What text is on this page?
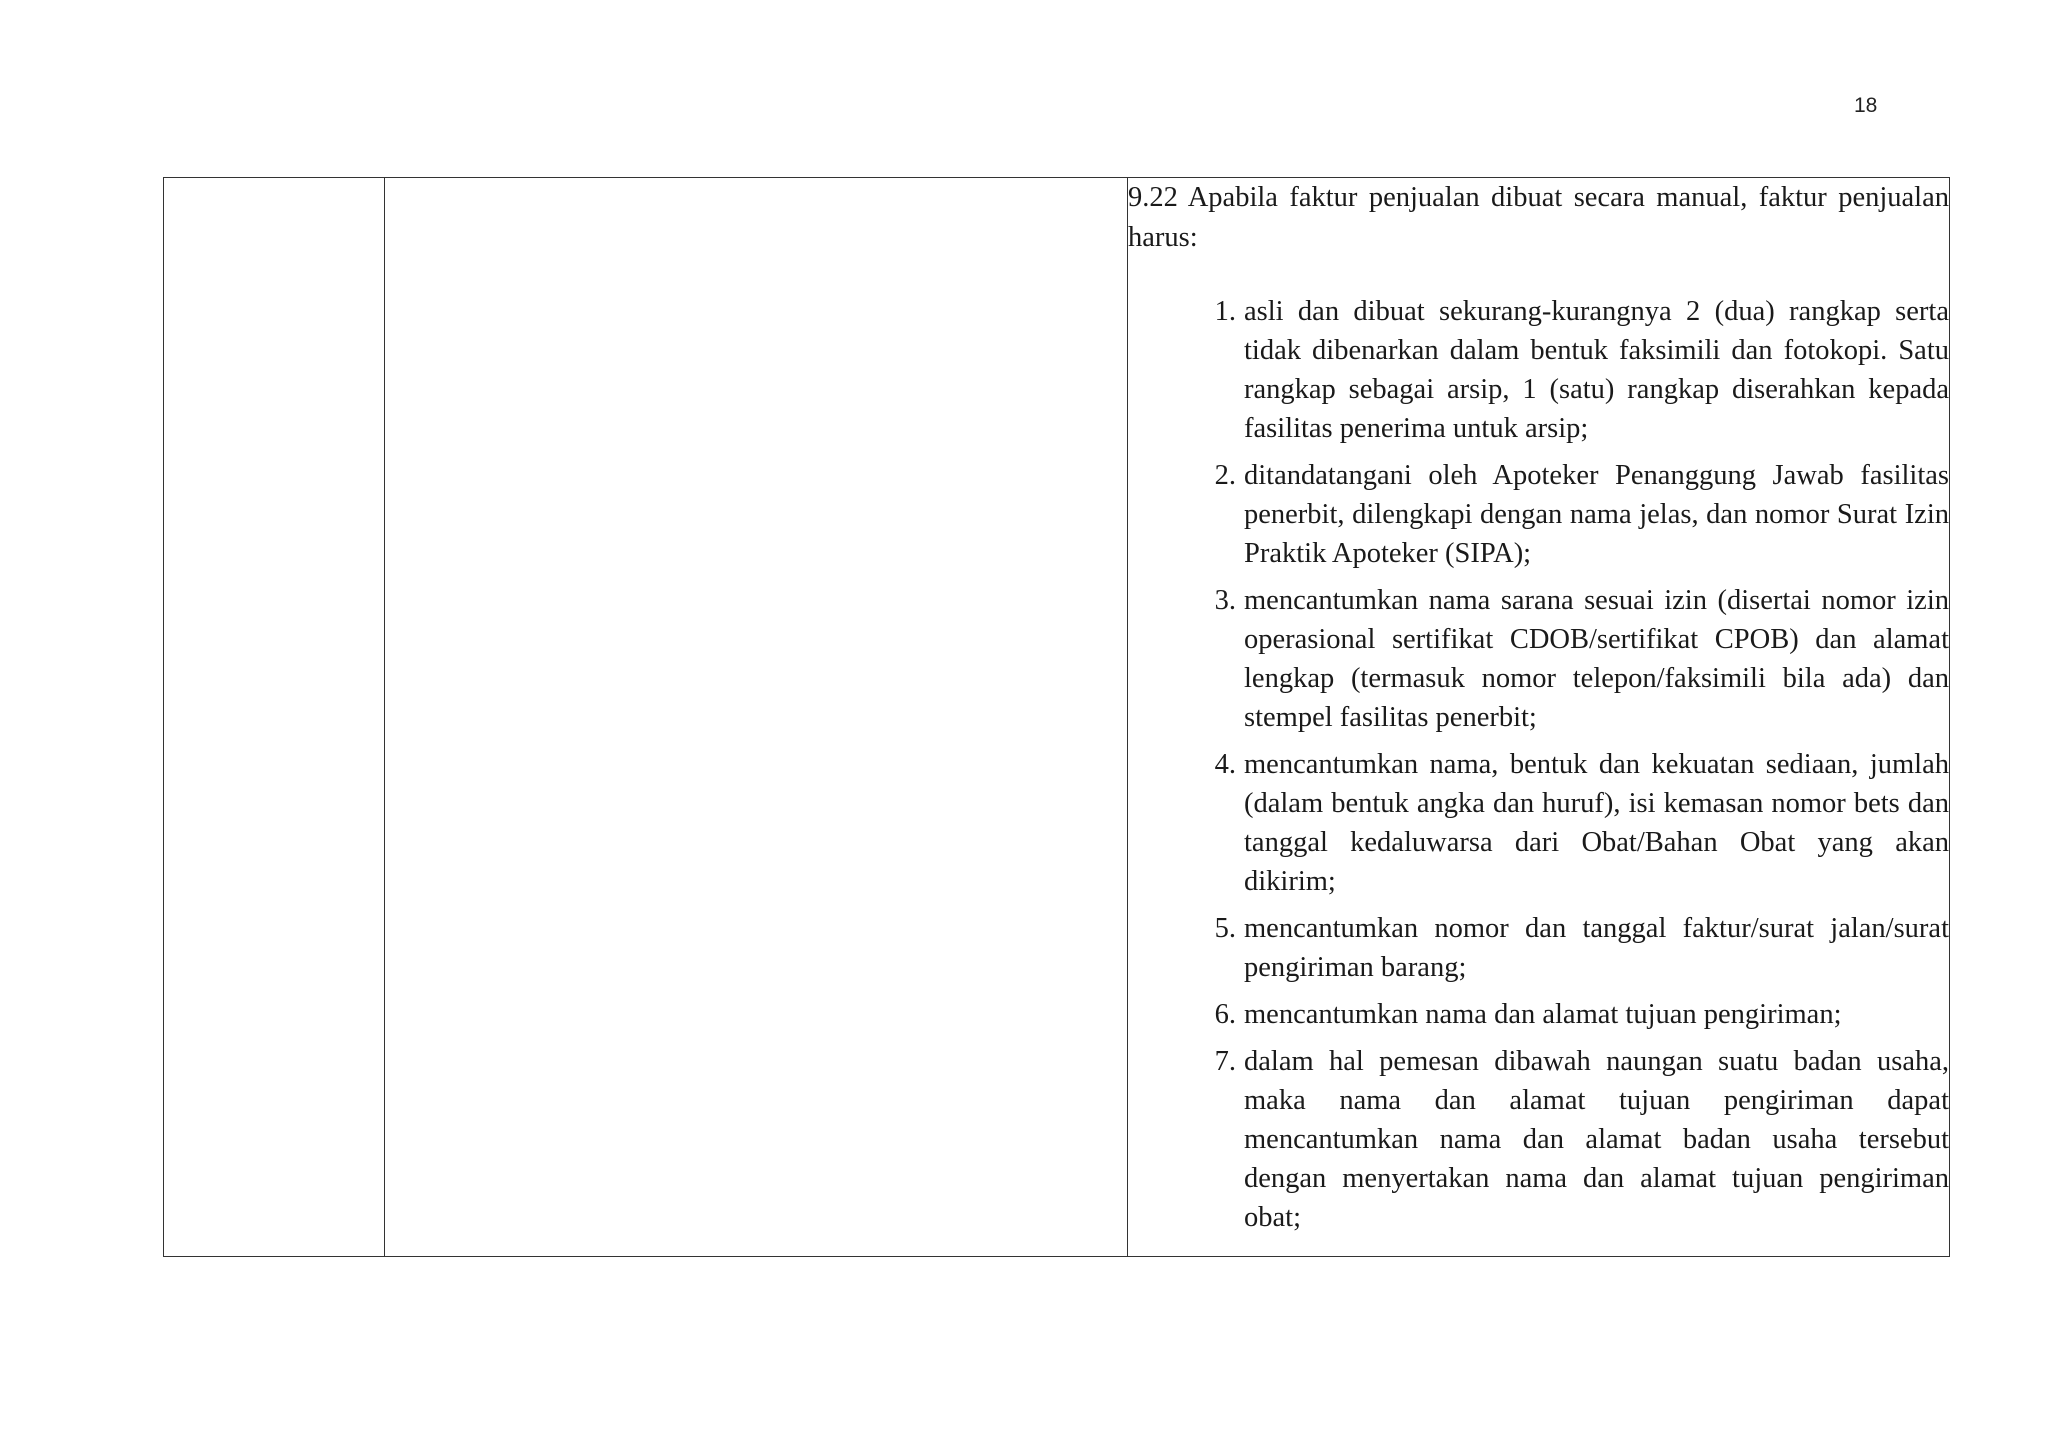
18

9.22 Apabila faktur penjualan dibuat secara manual, faktur penjualan harus:

1. asli dan dibuat sekurang-kurangnya 2 (dua) rangkap serta tidak dibenarkan dalam bentuk faksimili dan fotokopi. Satu rangkap sebagai arsip, 1 (satu) rangkap diserahkan kepada fasilitas penerima untuk arsip;
2. ditandatangani oleh Apoteker Penanggung Jawab fasilitas penerbit, dilengkapi dengan nama jelas, dan nomor Surat Izin Praktik Apoteker (SIPA);
3. mencantumkan nama sarana sesuai izin (disertai nomor izin operasional sertifikat CDOB/sertifikat CPOB) dan alamat lengkap (termasuk nomor telepon/faksimili bila ada) dan stempel fasilitas penerbit;
4. mencantumkan nama, bentuk dan kekuatan sediaan, jumlah (dalam bentuk angka dan huruf), isi kemasan nomor bets dan tanggal kedaluwarsa dari Obat/Bahan Obat yang akan dikirim;
5. mencantumkan nomor dan tanggal faktur/surat jalan/surat pengiriman barang;
6. mencantumkan nama dan alamat tujuan pengiriman;
7. dalam hal pemesan dibawah naungan suatu badan usaha, maka nama dan alamat tujuan pengiriman dapat mencantumkan nama dan alamat badan usaha tersebut dengan menyertakan nama dan alamat tujuan pengiriman obat;
